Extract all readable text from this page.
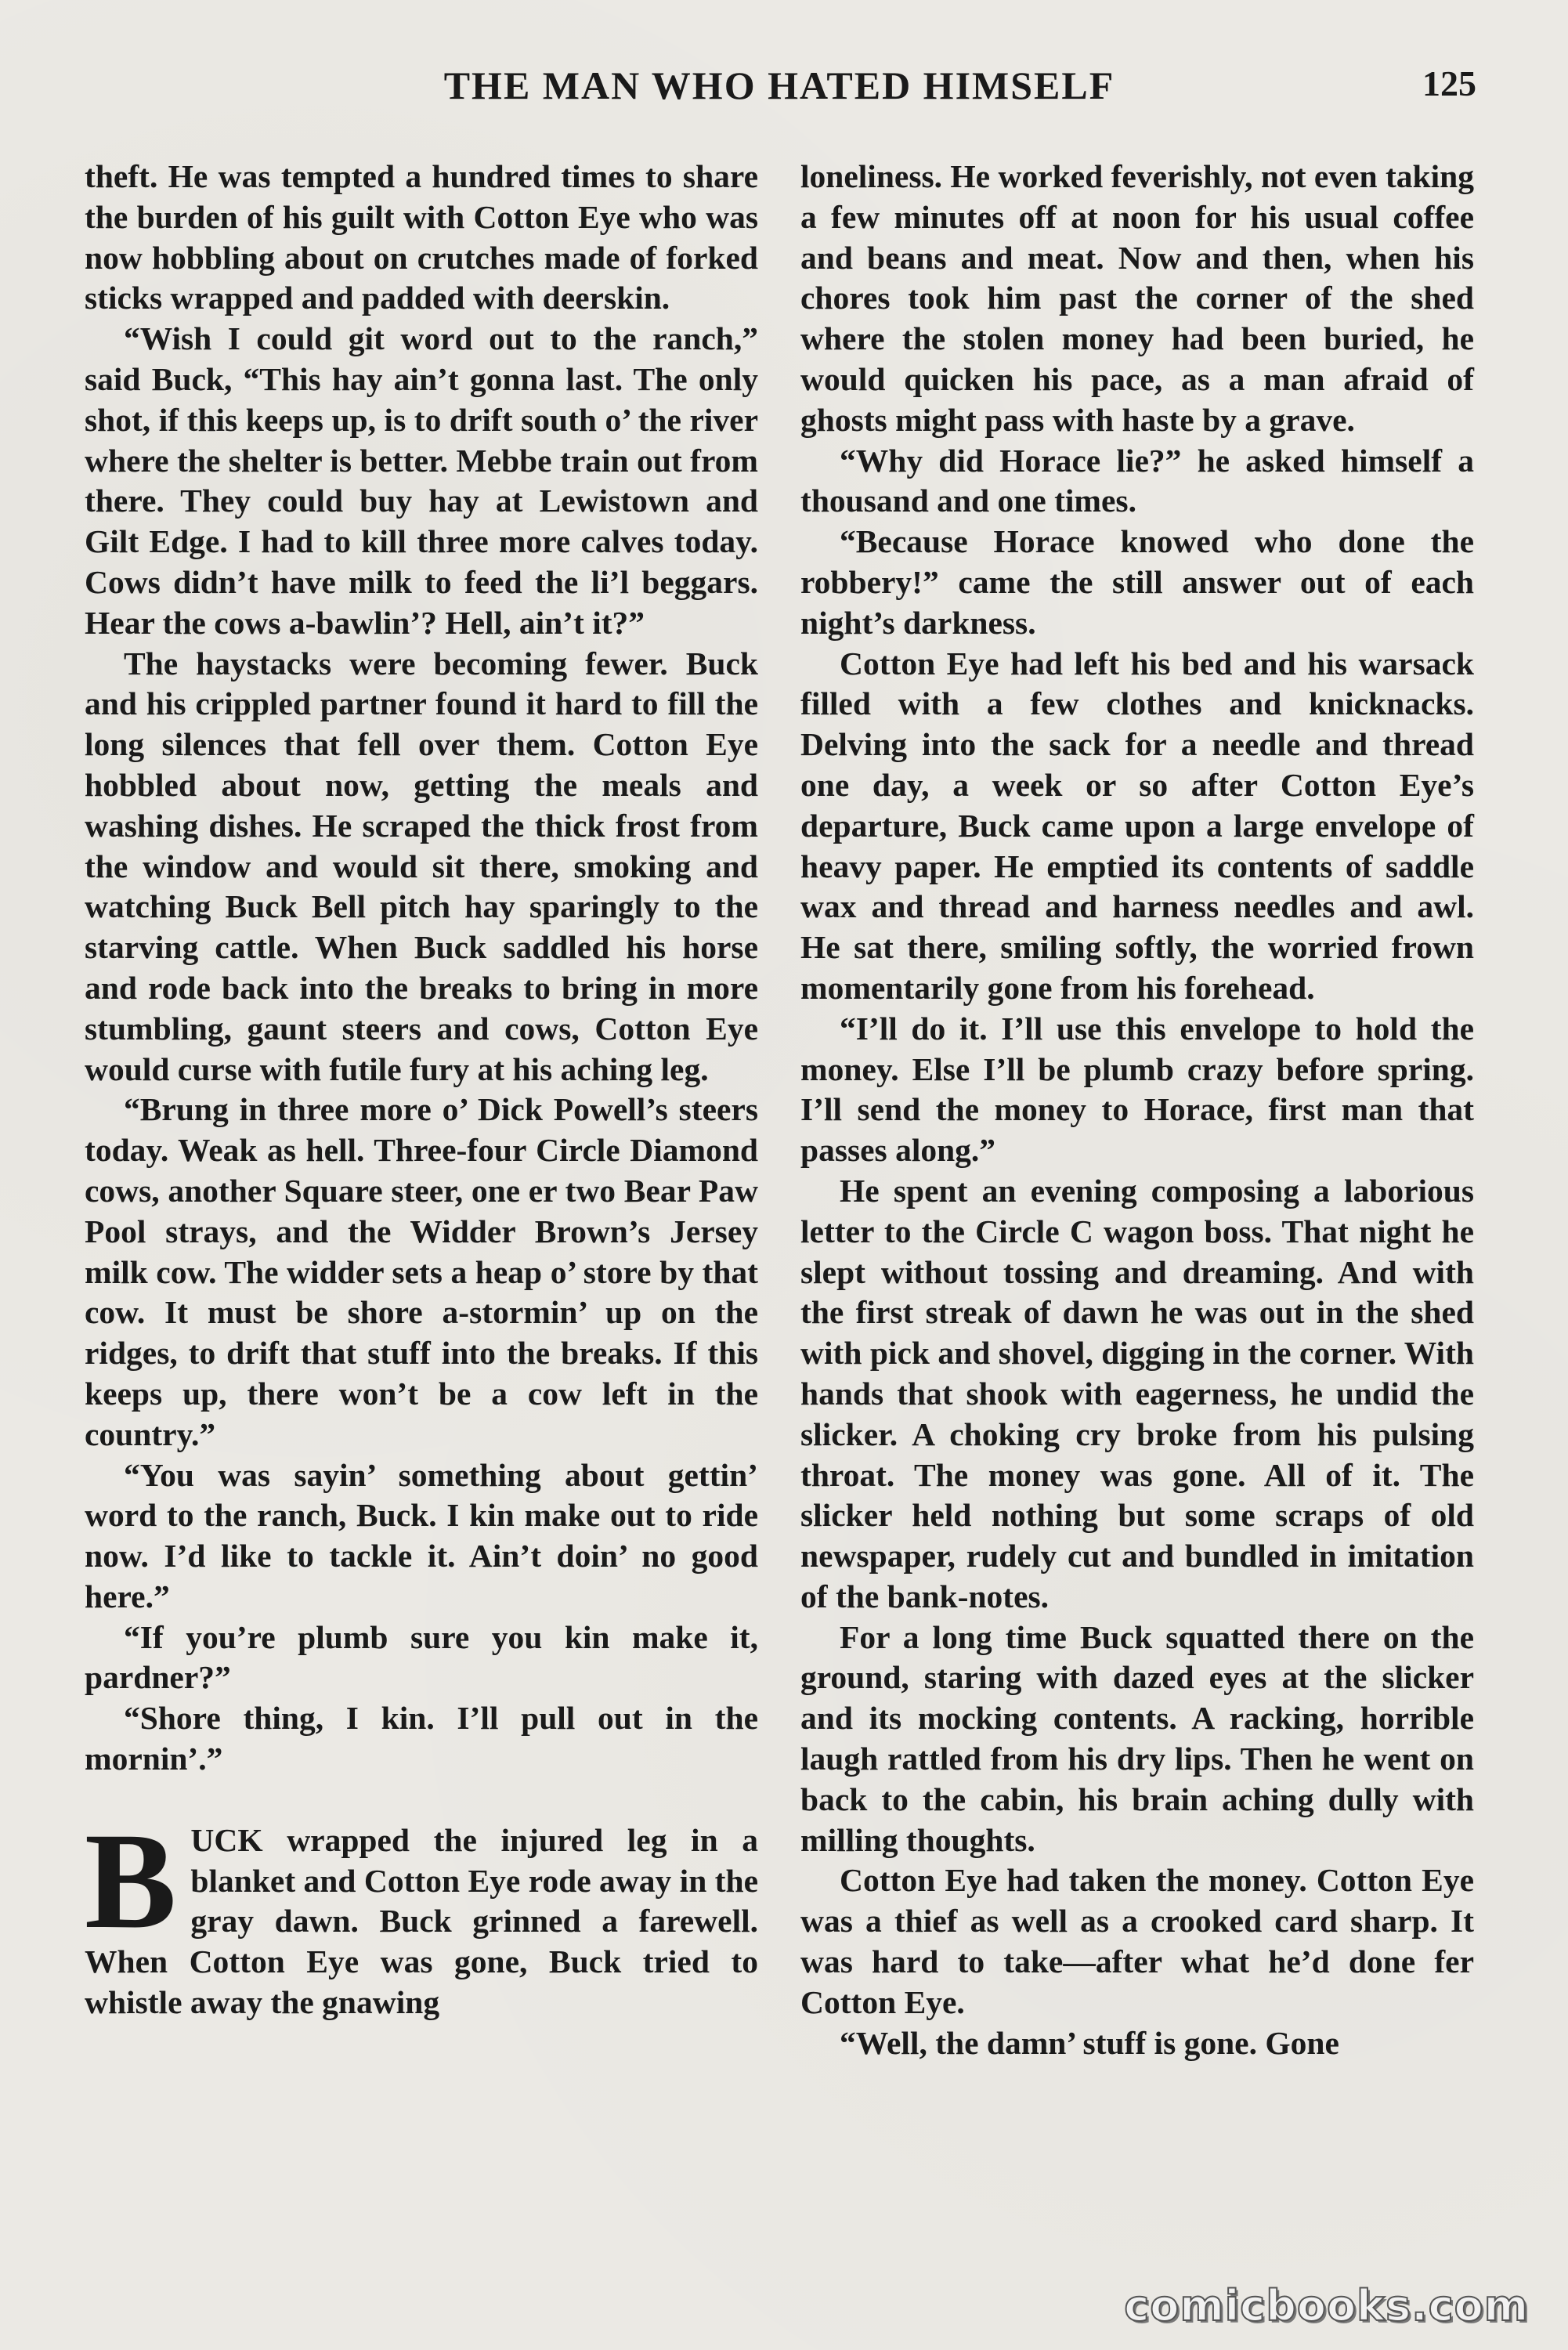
THE MAN WHO HATED HIMSELF	125

theft. He was tempted a hundred times to share the burden of his guilt with Cotton Eye who was now hobbling about on crutches made of forked sticks wrapped and padded with deerskin.

“Wish I could git word out to the ranch,” said Buck, “This hay ain’t gonna last. The only shot, if this keeps up, is to drift south o’ the river where the shelter is better. Mebbe train out from there. They could buy hay at Lewistown and Gilt Edge. I had to kill three more calves today. Cows didn’t have milk to feed the li’l beggars. Hear the cows a-bawlin’? Hell, ain’t it?”

The haystacks were becoming fewer. Buck and his crippled partner found it hard to fill the long silences that fell over them. Cotton Eye hobbled about now, getting the meals and washing dishes. He scraped the thick frost from the window and would sit there, smoking and watching Buck Bell pitch hay sparingly to the starving cattle. When Buck saddled his horse and rode back into the breaks to bring in more stumbling, gaunt steers and cows, Cotton Eye would curse with futile fury at his aching leg.

“Brung in three more o’ Dick Powell’s steers today. Weak as hell. Three-four Circle Diamond cows, another Square steer, one er two Bear Paw Pool strays, and the Widder Brown’s Jersey milk cow. The widder sets a heap o’ store by that cow. It must be shore a-stormin’ up on the ridges, to drift that stuff into the breaks. If this keeps up, there won’t be a cow left in the country.”

“You was sayin’ something about gettin’ word to the ranch, Buck. I kin make out to ride now. I’d like to tackle it. Ain’t doin’ no good here.”

“If you’re plumb sure you kin make it, pardner?”

“Shore thing, I kin. I’ll pull out in the mornin’.”

B UCK wrapped the injured leg in a blanket and Cotton Eye rode away in the gray dawn. Buck grinned a farewell. When Cotton Eye was gone, Buck tried to whistle away the gnawing

loneliness. He worked feverishly, not even taking a few minutes off at noon for his usual coffee and beans and meat. Now and then, when his chores took him past the corner of the shed where the stolen money had been buried, he would quicken his pace, as a man afraid of ghosts might pass with haste by a grave.

“Why did Horace lie?” he asked himself a thousand and one times.

“Because Horace knowed who done the robbery!” came the still answer out of each night’s darkness.

Cotton Eye had left his bed and his warsack filled with a few clothes and knicknacks. Delving into the sack for a needle and thread one day, a week or so after Cotton Eye’s departure, Buck came upon a large envelope of heavy paper. He emptied its contents of saddle wax and thread and harness needles and awl. He sat there, smiling softly, the worried frown momentarily gone from his forehead.

“I’ll do it. I’ll use this envelope to hold the money. Else I’ll be plumb crazy before spring. I’ll send the money to Horace, first man that passes along.”

He spent an evening composing a laborious letter to the Circle C wagon boss. That night he slept without tossing and dreaming. And with the first streak of dawn he was out in the shed with pick and shovel, digging in the corner. With hands that shook with eagerness, he undid the slicker. A choking cry broke from his pulsing throat. The money was gone. All of it. The slicker held nothing but some scraps of old newspaper, rudely cut and bundled in imitation of the bank-notes.

For a long time Buck squatted there on the ground, staring with dazed eyes at the slicker and its mocking contents. A racking, horrible laugh rattled from his dry lips. Then he went on back to the cabin, his brain aching dully with milling thoughts.

Cotton Eye had taken the money. Cotton Eye was a thief as well as a crooked card sharp. It was hard to take—after what he’d done fer Cotton Eye.

“Well, the damn’ stuff is gone. Gone

comicbooks.com
